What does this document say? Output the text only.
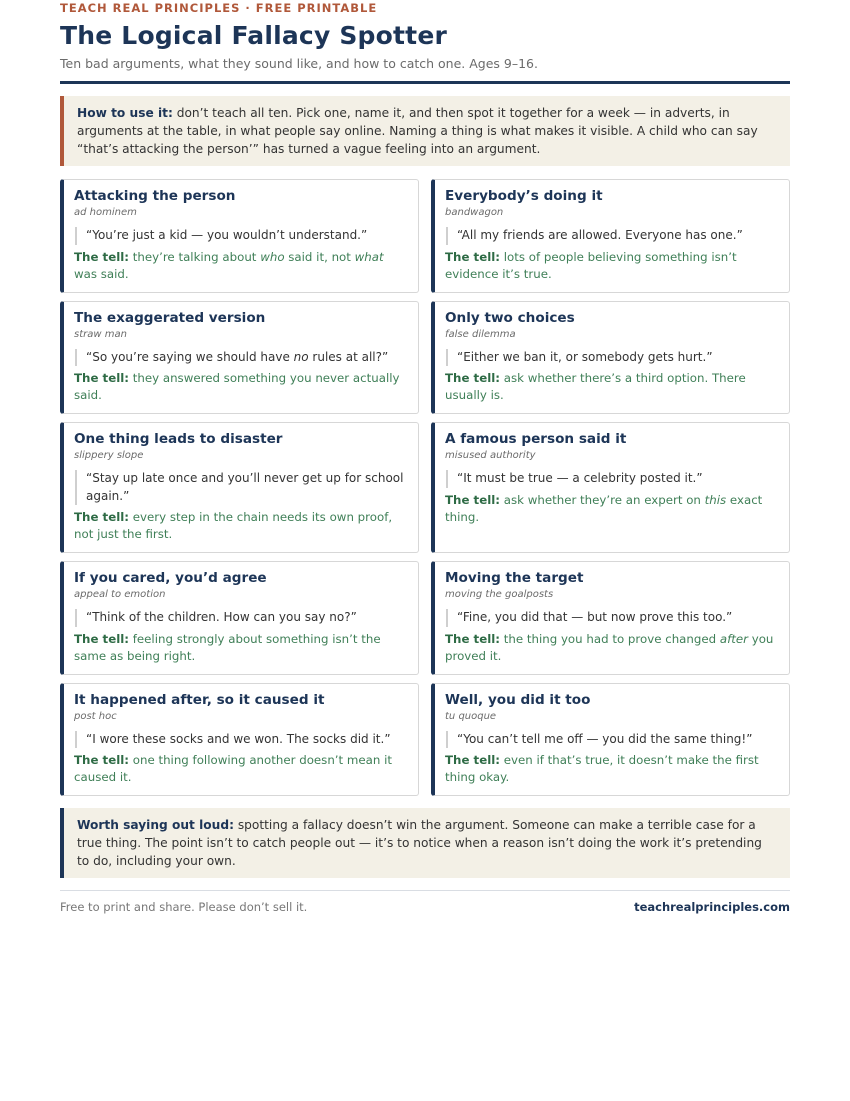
TEACH REAL PRINCIPLES · FREE PRINTABLE
The Logical Fallacy Spotter
Ten bad arguments, what they sound like, and how to catch one. Ages 9–16.
How to use it: don’t teach all ten. Pick one, name it, and then spot it together for a week — in adverts, in arguments at the table, in what people say online. Naming a thing is what makes it visible. A child who can say “that’s attacking the person’” has turned a vague feeling into an argument.
Attacking the person
ad hominem
“You’re just a kid — you wouldn’t understand.”
The tell: they’re talking about who said it, not what was said.
Everybody’s doing it
bandwagon
“All my friends are allowed. Everyone has one.”
The tell: lots of people believing something isn’t evidence it’s true.
The exaggerated version
straw man
“So you’re saying we should have no rules at all?”
The tell: they answered something you never actually said.
Only two choices
false dilemma
“Either we ban it, or somebody gets hurt.”
The tell: ask whether there’s a third option. There usually is.
One thing leads to disaster
slippery slope
“Stay up late once and you’ll never get up for school again.”
The tell: every step in the chain needs its own proof, not just the first.
A famous person said it
misused authority
“It must be true — a celebrity posted it.”
The tell: ask whether they’re an expert on this exact thing.
If you cared, you’d agree
appeal to emotion
“Think of the children. How can you say no?”
The tell: feeling strongly about something isn’t the same as being right.
Moving the target
moving the goalposts
“Fine, you did that — but now prove this too.”
The tell: the thing you had to prove changed after you proved it.
It happened after, so it caused it
post hoc
“I wore these socks and we won. The socks did it.”
The tell: one thing following another doesn’t mean it caused it.
Well, you did it too
tu quoque
“You can’t tell me off — you did the same thing!”
The tell: even if that’s true, it doesn’t make the first thing okay.
Worth saying out loud: spotting a fallacy doesn’t win the argument. Someone can make a terrible case for a true thing. The point isn’t to catch people out — it’s to notice when a reason isn’t doing the work it’s pretending to do, including your own.
Free to print and share. Please don’t sell it.	teachrealprinciples.com
